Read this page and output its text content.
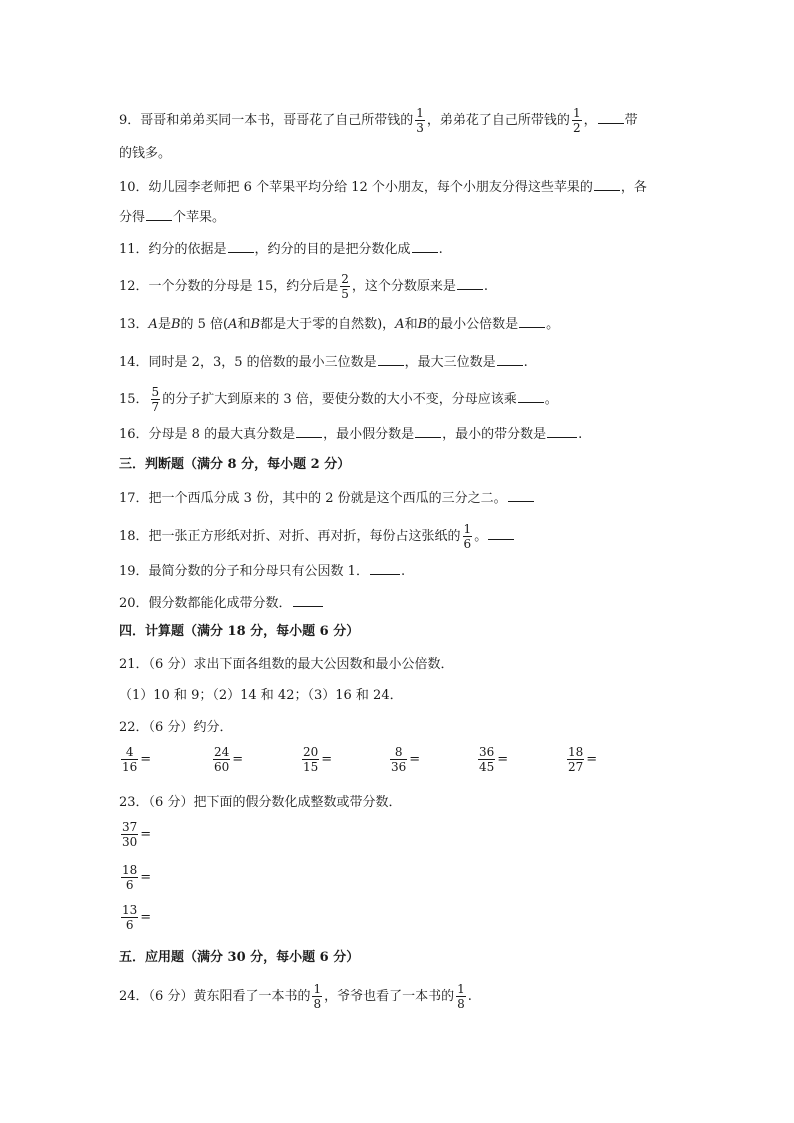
9．哥哥和弟弟买同一本书，哥哥花了自己所带钱的 $\frac{1}{3}$ ，弟弟花了自己所带钱的 $\frac{1}{2}$ ， 带
的钱多。
10．幼儿园李老师把 6 个苹果平均分给 12 个小朋友，每个小朋友分得这些苹果的 ，各
分得 个苹果。
11．约分的依据是 ，约分的目的是把分数化成 .
12．一个分数的分母是 15，约分后是 $\frac{2}{5}$ ，这个分数原来是 .
13．A是B的 5 倍(A和B都是大于零的自然数)，A和B的最小公倍数是 。
14．同时是 2，3，5 的倍数的最小三位数是 ，最大三位数是 .
15． $\frac{5}{7}$ 的分子扩大到原来的 3 倍，要使分数的大小不变，分母应该乘 。
16．分母是 8 的最大真分数是 ，最小假分数是 ，最小的带分数是 .
三．判断题（满分 8 分，每小题 2 分）
17．把一个西瓜分成 3 份，其中的 2 份就是这个西瓜的三分之二。
18．把一张正方形纸对折、对折、再对折，每份占这张纸的 $\frac{1}{6}$ 。
19．最简分数的分子和分母只有公因数 1． .
20．假分数都能化成带分数．
四．计算题（满分 18 分，每小题 6 分）
21．（6 分）求出下面各组数的最大公因数和最小公倍数．
（1）10 和 9；（2）14 和 42；（3）16 和 24．
22．（6 分）约分．
$\frac{4}{16}$ =	$\frac{24}{60}$ =	$\frac{20}{15}$ =	$\frac{8}{36}$ =	$\frac{36}{45}$ =	$\frac{18}{27}$ =
23．（6 分）把下面的假分数化成整数或带分数．
$\frac{37}{30}$ =
$\frac{18}{6}$ =
$\frac{13}{6}$ =
五．应用题（满分 30 分，每小题 6 分）
24．（6 分）黄东阳看了一本书的 $\frac{1}{8}$ ，爷爷也看了一本书的 $\frac{1}{8}$ .
